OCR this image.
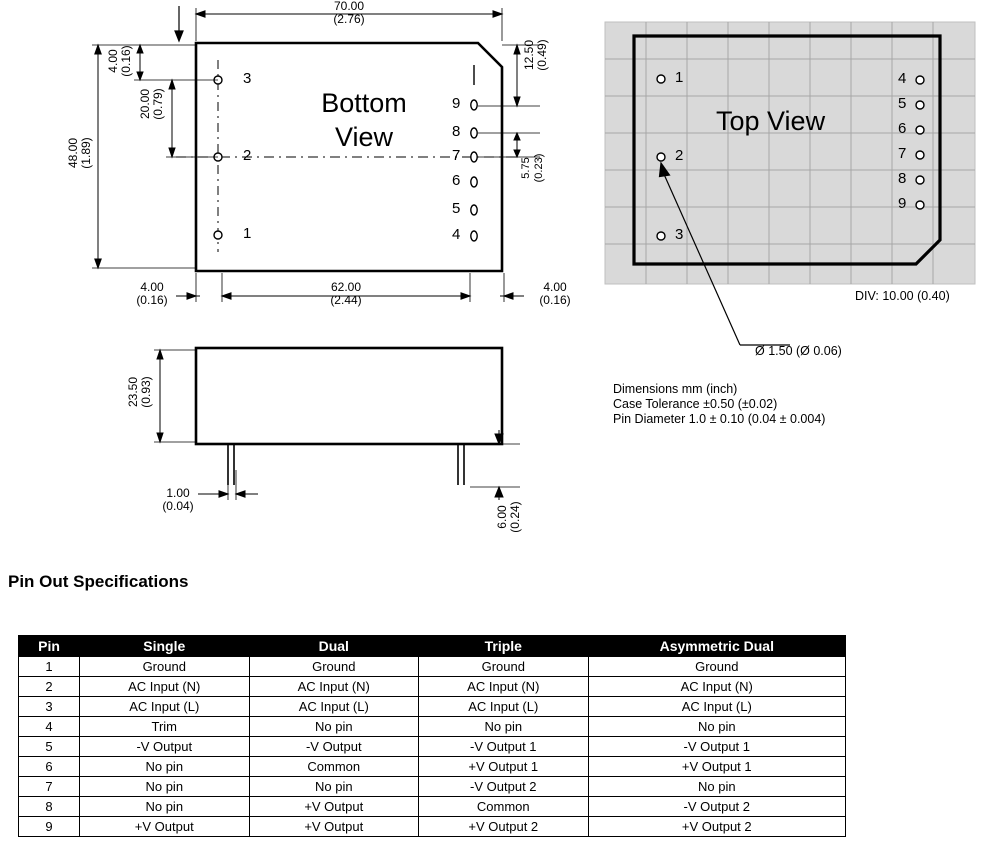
70.00
(2.76)
48.00
(1.89)
4.00
(0.16)
20.00
(0.79)
12.50
(0.49)
5.75
(0.23)
62.00
(2.44)
4.00
(0.16)
4.00
(0.16)
23.50
(0.93)
1.00
(0.04)	6.00
(0.24)
Bottom
View
Top View
3
2
1
9
8
7
6
5
4
1
2
3
4
5
6
7
8
9
DIV: 10.00 (0.40)
Ø 1.50 (Ø 0.06)
Dimensions mm (inch)
Case Tolerance ±0.50 (±0.02)
Pin Diameter 1.0 ± 0.10 (0.04 ± 0.004)
Pin Out Specifications
Pin	Single	Dual	Triple	Asymmetric Dual
1	Ground	Ground	Ground	Ground
2	AC Input (N)	AC Input (N)	AC Input (N)	AC Input (N)
3	AC Input (L)	AC Input (L)	AC Input (L)	AC Input (L)
4	Trim	No pin	No pin	No pin
5	-V Output	-V Output	-V Output 1	-V Output 1
6	No pin	Common	+V Output 1	+V Output 1
7	No pin	No pin	-V Output 2	No pin
8	No pin	+V Output	Common	-V Output 2
9	+V Output	+V Output	+V Output 2	+V Output 2
